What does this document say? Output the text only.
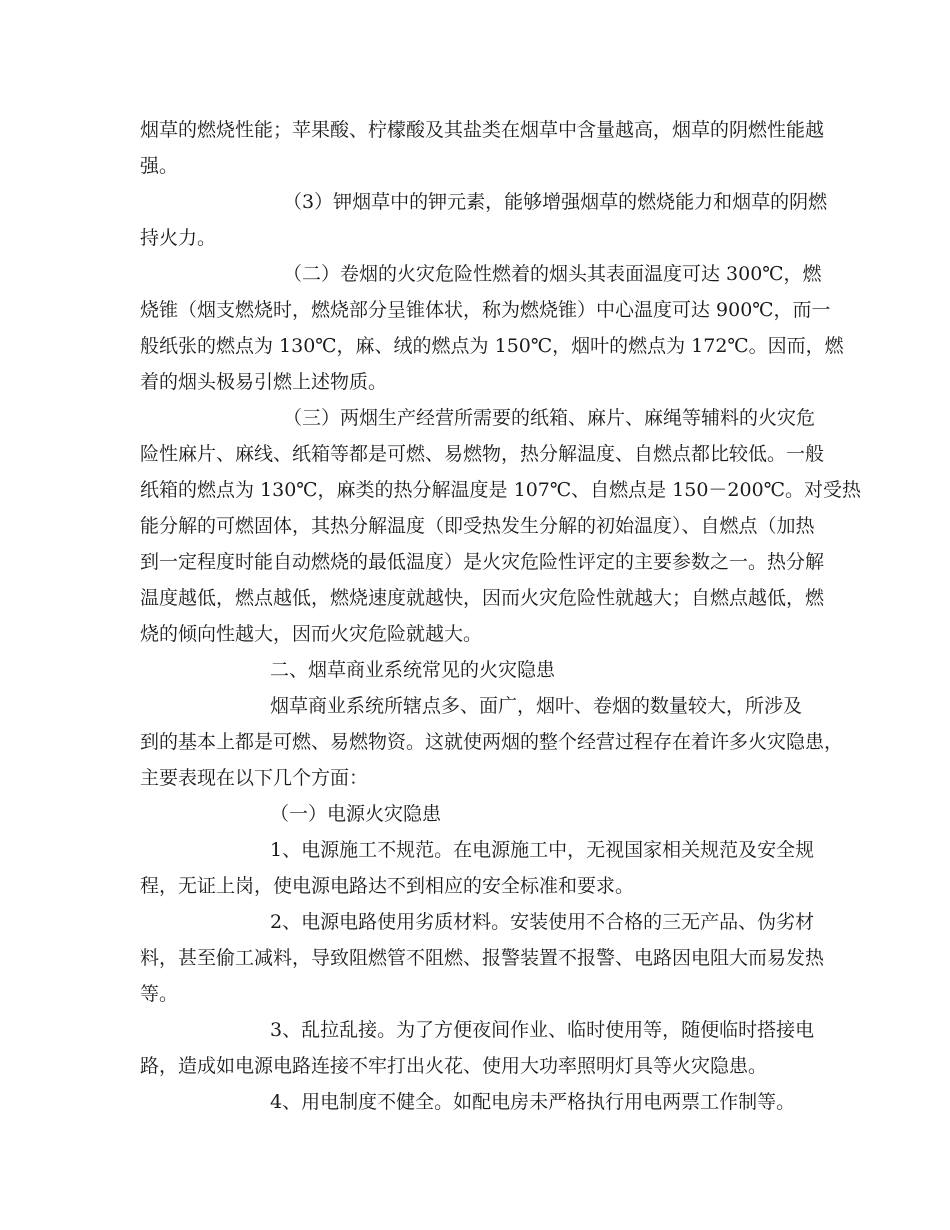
烟草的燃烧性能；苹果酸、柠檬酸及其盐类在烟草中含量越高，烟草的阴燃性能越
强。
（3）钾烟草中的钾元素，能够增强烟草的燃烧能力和烟草的阴燃
持火力。
（二）卷烟的火灾危险性燃着的烟头其表面温度可达 300℃，燃
烧锥（烟支燃烧时，燃烧部分呈锥体状，称为燃烧锥）中心温度可达 900℃，而一
般纸张的燃点为 130℃，麻、绒的燃点为 150℃，烟叶的燃点为 172℃。因而，燃
着的烟头极易引燃上述物质。
（三）两烟生产经营所需要的纸箱、麻片、麻绳等辅料的火灾危
险性麻片、麻线、纸箱等都是可燃、易燃物，热分解温度、自燃点都比较低。一般
纸箱的燃点为 130℃，麻类的热分解温度是 107℃、自燃点是 150－200℃。对受热
能分解的可燃固体，其热分解温度（即受热发生分解的初始温度）、自燃点（加热
到一定程度时能自动燃烧的最低温度）是火灾危险性评定的主要参数之一。热分解
温度越低，燃点越低，燃烧速度就越快，因而火灾危险性就越大；自燃点越低，燃
烧的倾向性越大，因而火灾危险就越大。
二、烟草商业系统常见的火灾隐患
烟草商业系统所辖点多、面广，烟叶、卷烟的数量较大，所涉及
到的基本上都是可燃、易燃物资。这就使两烟的整个经营过程存在着许多火灾隐患，
主要表现在以下几个方面：
（一）电源火灾隐患
1、电源施工不规范。在电源施工中，无视国家相关规范及安全规
程，无证上岗，使电源电路达不到相应的安全标准和要求。
2、电源电路使用劣质材料。安装使用不合格的三无产品、伪劣材
料，甚至偷工减料，导致阻燃管不阻燃、报警装置不报警、电路因电阻大而易发热
等。
3、乱拉乱接。为了方便夜间作业、临时使用等，随便临时搭接电
路，造成如电源电路连接不牢打出火花、使用大功率照明灯具等火灾隐患。
4、用电制度不健全。如配电房未严格执行用电两票工作制等。
